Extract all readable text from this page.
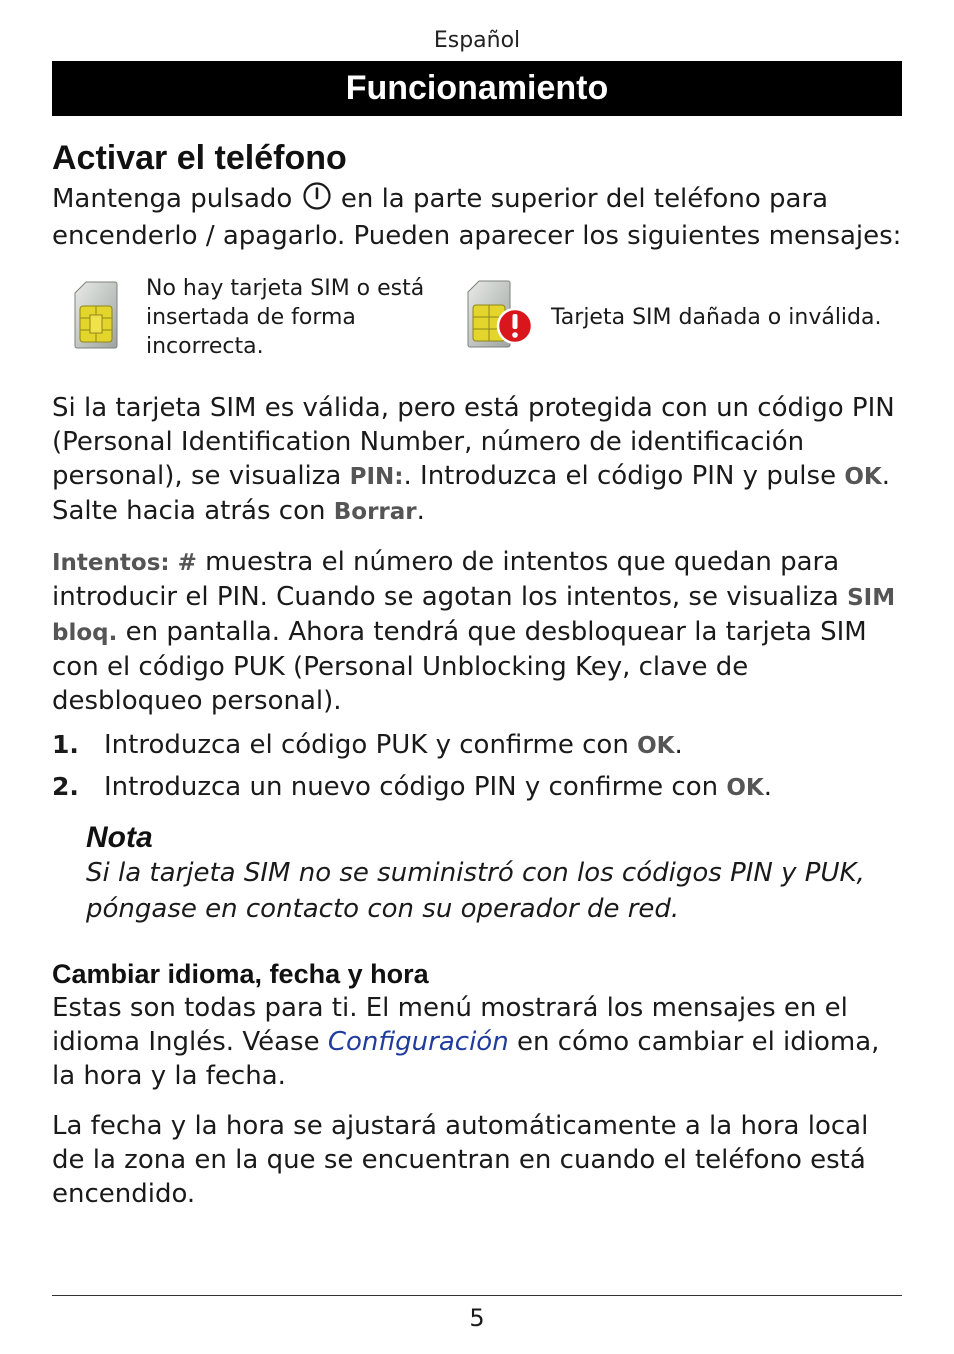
Español
Funcionamiento
Activar el teléfono

Mantenga pulsado  en la parte superior del teléfono para encenderlo / apagarlo. Pueden aparecer los siguientes mensajes:

No hay tarjeta SIM o está insertada de forma incorrecta.
Tarjeta SIM dañada o inválida.

Si la tarjeta SIM es válida, pero está protegida con un código PIN (Personal Identification Number, número de identificación personal), se visualiza PIN:. Introduzca el código PIN y pulse OK. Salte hacia atrás con Borrar.

Intentos: # muestra el número de intentos que quedan para introducir el PIN. Cuando se agotan los intentos, se visualiza SIM bloq. en pantalla. Ahora tendrá que desbloquear la tarjeta SIM con el código PUK (Personal Unblocking Key, clave de desbloqueo personal).

1. Introduzca el código PUK y confirme con OK.
2. Introduzca un nuevo código PIN y confirme con OK.
Nota
Si la tarjeta SIM no se suministró con los códigos PIN y PUK, póngase en contacto con su operador de red.
Cambiar idioma, fecha y hora

Estas son todas para ti. El menú mostrará los mensajes en el idioma Inglés. Véase Configuración en cómo cambiar el idioma, la hora y la fecha.

La fecha y la hora se ajustará automáticamente a la hora local de la zona en la que se encuentran en cuando el teléfono está encendido.

5
